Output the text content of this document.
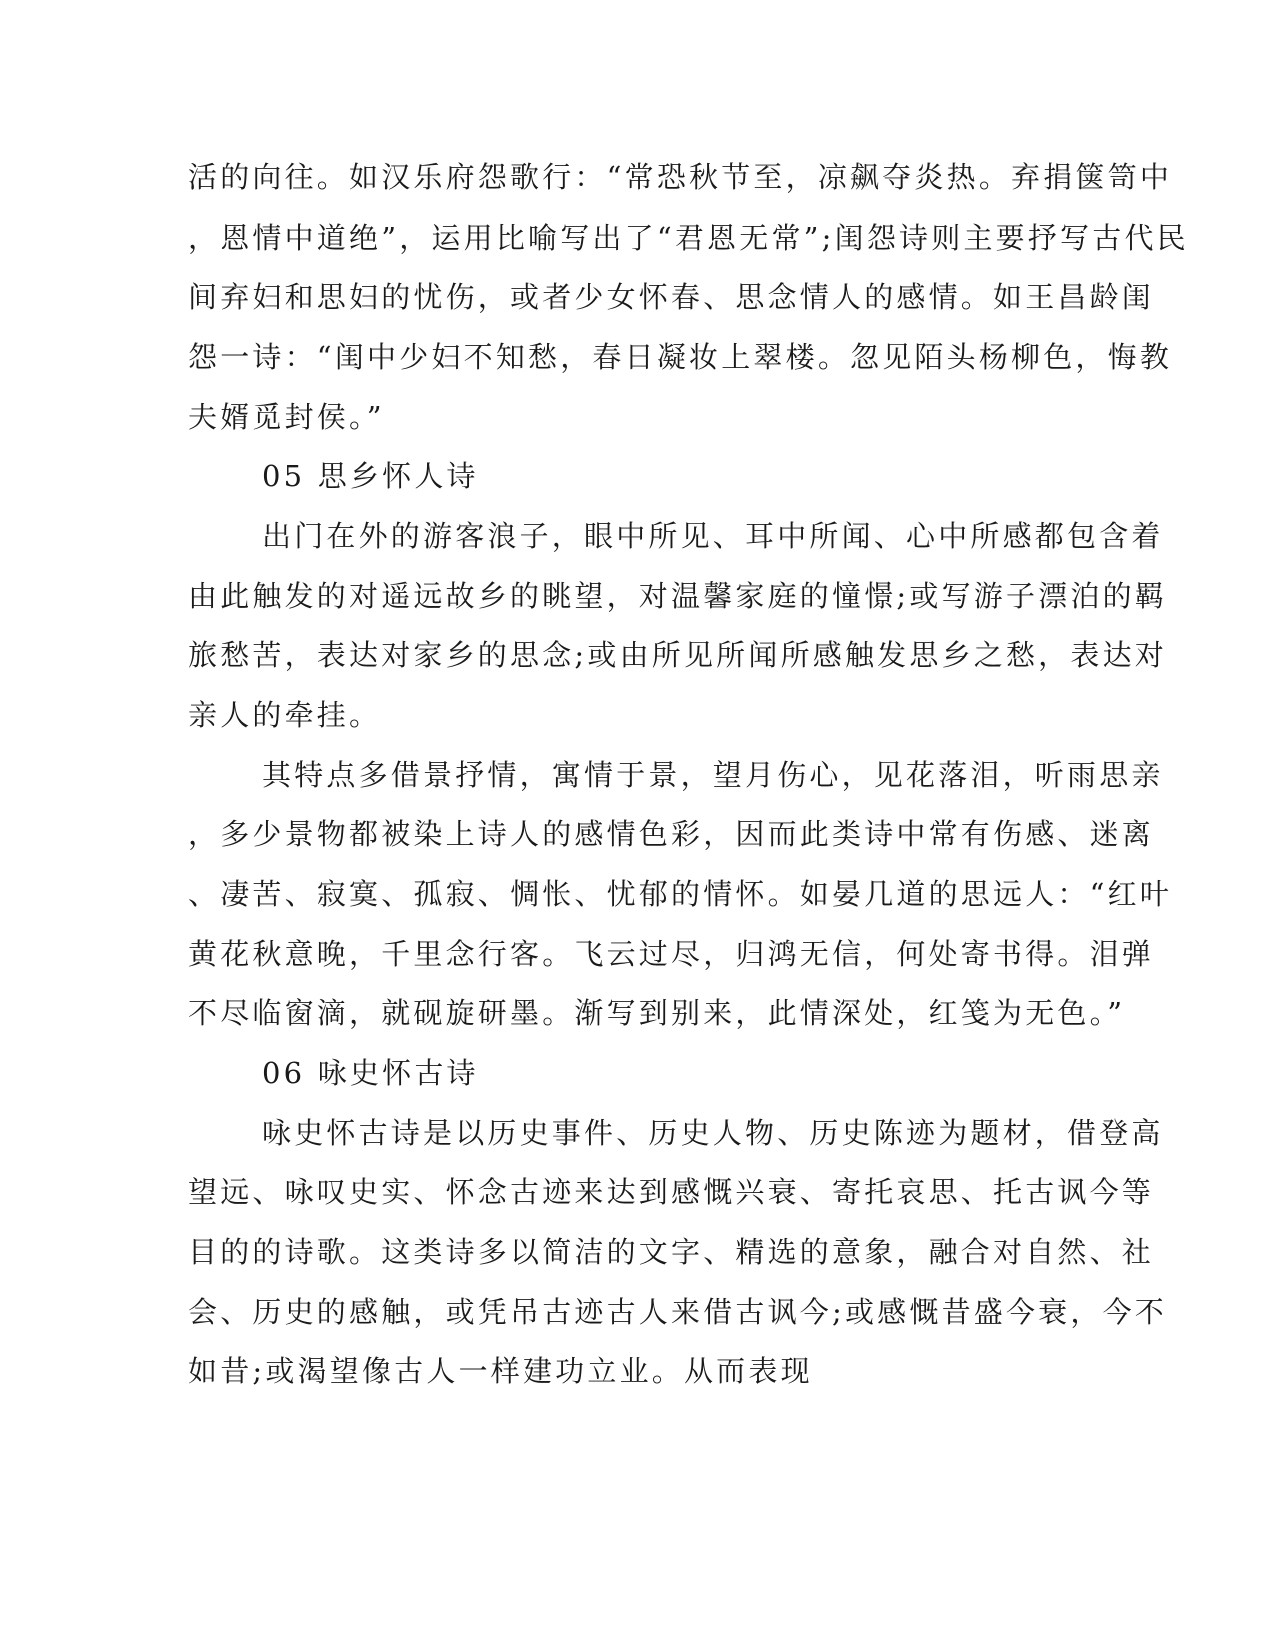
活的向往。如汉乐府怨歌行：“常恐秋节至，凉飙夺炎热。弃捐箧笥中
，恩情中道绝”，运用比喻写出了“君恩无常”;闺怨诗则主要抒写古代民
间弃妇和思妇的忧伤，或者少女怀春、思念情人的感情。如王昌龄闺
怨一诗：“闺中少妇不知愁，春日凝妆上翠楼。忽见陌头杨柳色，悔教
夫婿觅封侯。”
05 思乡怀人诗
出门在外的游客浪子，眼中所见、耳中所闻、心中所感都包含着
由此触发的对遥远故乡的眺望，对温馨家庭的憧憬;或写游子漂泊的羁
旅愁苦，表达对家乡的思念;或由所见所闻所感触发思乡之愁，表达对
亲人的牵挂。
其特点多借景抒情，寓情于景，望月伤心，见花落泪，听雨思亲
，多少景物都被染上诗人的感情色彩，因而此类诗中常有伤感、迷离
、凄苦、寂寞、孤寂、惆怅、忧郁的情怀。如晏几道的思远人：“红叶
黄花秋意晚，千里念行客。飞云过尽，归鸿无信，何处寄书得。泪弹
不尽临窗滴，就砚旋研墨。渐写到别来，此情深处，红笺为无色。”
06 咏史怀古诗
咏史怀古诗是以历史事件、历史人物、历史陈迹为题材，借登高
望远、咏叹史实、怀念古迹来达到感慨兴衰、寄托哀思、托古讽今等
目的的诗歌。这类诗多以简洁的文字、精选的意象，融合对自然、社
会、历史的感触，或凭吊古迹古人来借古讽今;或感慨昔盛今衰，今不
如昔;或渴望像古人一样建功立业。从而表现
